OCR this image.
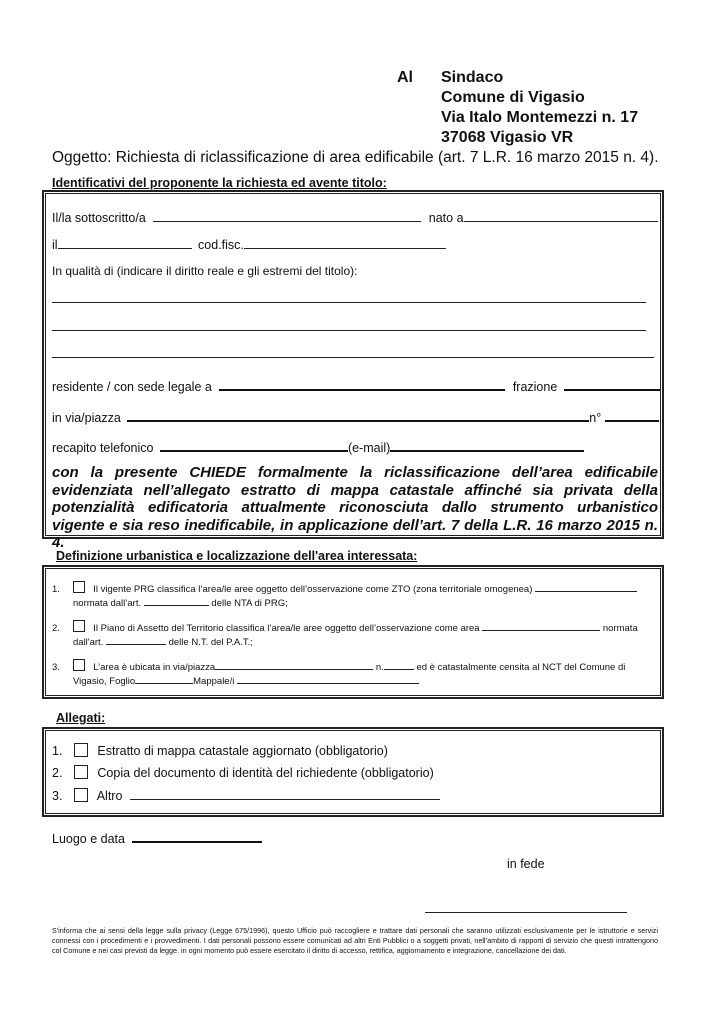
Al Sindaco
Comune di Vigasio
Via Italo Montemezzi n. 17
37068 Vigasio VR
Oggetto: Richiesta di riclassificazione di area edificabile (art. 7 L.R. 16 marzo 2015 n. 4).
Identificativi del proponente la richiesta ed avente titolo:
Il/la sottoscritto/a	nato a
il	cod.fisc.
In qualità di (indicare il diritto reale e gli estremi del titolo):
residente / con sede legale a	frazione
in via/piazza	n°
recapito telefonico	(e-mail)
con la presente CHIEDE formalmente la riclassificazione dell’area edificabile evidenziata nell’allegato estratto di mappa catastale affinché sia privata della potenzialità edificatoria attualmente riconosciuta dallo strumento urbanistico vigente e sia reso inedificabile, in applicazione dell’art. 7 della L.R. 16 marzo 2015 n. 4.
Definizione urbanistica e localizzazione dell'area interessata:
1.	Il vigente PRG classifica l’area/le aree oggetto dell’osservazione come ZTO (zona territoriale omogenea)
normata dall’art.	delle NTA di PRG;
2.	Il Piano di Assetto del Territorio classifica l’area/le aree oggetto dell’osservazione come area	normata
dall'art.	delle N.T. del P.A.T.;
3.	L’area è ubicata in via/piazza	n.	ed è catastalmente censita al NCT del Comune di
Vigasio, Foglio	Mappale/i
Allegati:
1.	Estratto di mappa catastale aggiornato (obbligatorio)
2.	Copia del documento di identità del richiedente (obbligatorio)
3.	Altro
Luogo e data
in fede
S'informa che ai sensi della legge sulla privacy (Legge 675/1996), questo Ufficio può raccogliere e trattare dati personali che saranno utilizzati esclusivamente per le istruttorie e servizi connessi con i procedimenti e i provvedimenti. I dati personali possono essere comunicati ad altri Enti Pubblici o a soggetti privati, nell’ambito di rapporti di servizio che questi intrattengono col Comune e nei casi previsti da legge. in ogni momento può essere esercitato il diritto di accesso, rettifica, aggiornamento e integrazione, cancellazione dei dati.
